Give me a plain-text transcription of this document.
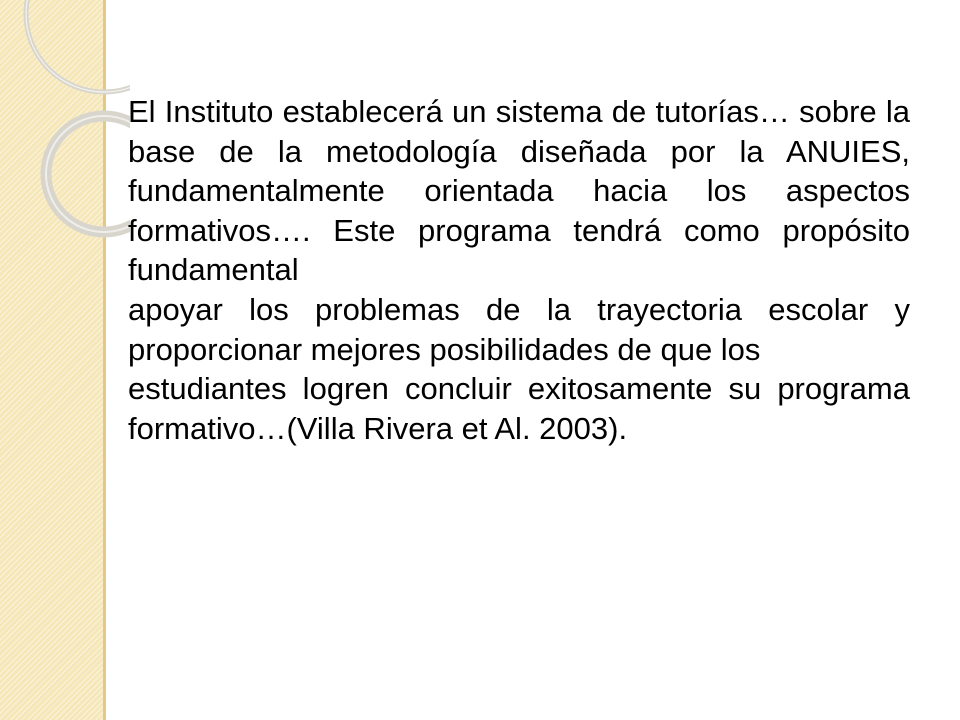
El Instituto establecerá un sistema de tutorías… sobre la base de la metodología diseñada por la ANUIES, fundamentalmente orientada hacia los aspectos formativos…. Este programa tendrá como propósito fundamental
apoyar los problemas de la trayectoria escolar y proporcionar mejores posibilidades de que los
estudiantes logren concluir exitosamente su programa formativo…(Villa Rivera et Al. 2003).
